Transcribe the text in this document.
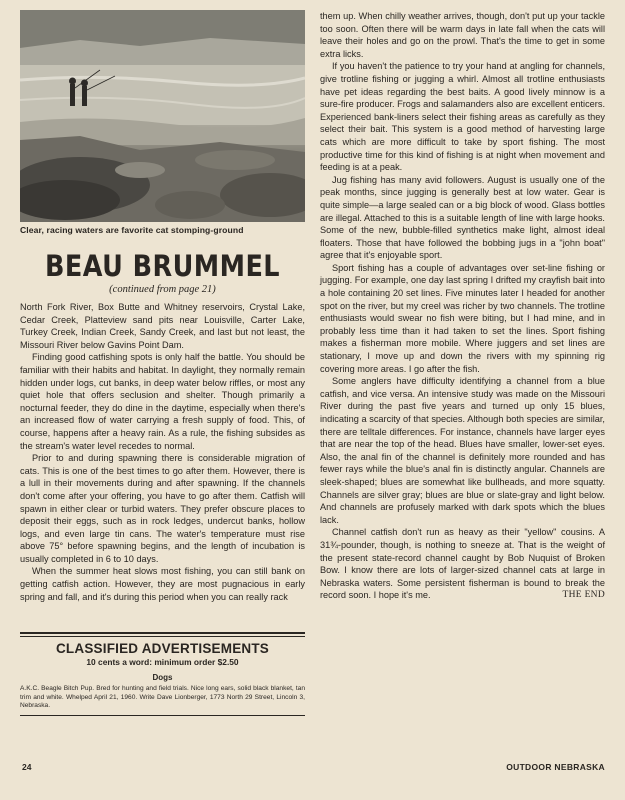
Clear, racing waters are favorite cat stomping-ground
BEAU BRUMMEL
(continued from page 21)

North Fork River, Box Butte and Whitney reservoirs, Crystal Lake, Cedar Creek, Platteview sand pits near Louisville, Carter Lake, Turkey Creek, Indian Creek, Sandy Creek, and last but not least, the Missouri River below Gavins Point Dam.

Finding good catfishing spots is only half the battle. You should be familiar with their habits and habitat. In daylight, they normally remain hidden under logs, cut banks, in deep water below riffles, or most any quiet hole that offers seclusion and shelter. Though primarily a nocturnal feeder, they do dine in the daytime, especially when there's an increased flow of water carrying a fresh supply of food. This, of course, happens after a heavy rain. As a rule, the fishing subsides as the stream's water level recedes to normal.

Prior to and during spawning there is considerable migration of cats. This is one of the best times to go after them. However, there is a lull in their movements during and after spawning. If the channels don't come after your offering, you have to go after them. Catfish will spawn in either clear or turbid waters. They prefer obscure places to deposit their eggs, such as in rock ledges, undercut banks, hollow logs, and even large tin cans. The water's temperature must rise above 75° before spawning begins, and the length of incubation is usually completed in 6 to 10 days.

When the summer heat slows most fishing, you can still bank on getting catfish action. However, they are most pugnacious in early spring and fall, and it's during this period when you can really rack

CLASSIFIED ADVERTISEMENTS
10 cents a word: minimum order $2.50
Dogs
A.K.C. Beagle Bitch Pup. Bred for hunting and field trials. Nice long ears, solid black blanket, tan trim and white. Whelped April 21, 1960. Write Dave Lionberger, 1773 North 29 Street, Lincoln 3, Nebraska.

them up. When chilly weather arrives, though, don't put up your tackle too soon. Often there will be warm days in late fall when the cats will leave their holes and go on the prowl. That's the time to get in some extra licks.

If you haven't the patience to try your hand at angling for channels, give trotline fishing or jugging a whirl. Almost all trotline enthusiasts have pet ideas regarding the best baits. A good lively minnow is a sure-fire producer. Frogs and salamanders also are excellent enticers. Experienced bank-liners select their fishing areas as carefully as they select their bait. This system is a good method of harvesting large cats which are more difficult to take by sport fishing. The most productive time for this kind of fishing is at night when movement and feeding is at a peak.

Jug fishing has many avid followers. August is usually one of the peak months, since jugging is generally best at low water. Gear is quite simple—a large sealed can or a big block of wood. Glass bottles are illegal. Attached to this is a suitable length of line with large hooks. Some of the new, bubble-filled synthetics make light, almost ideal floaters. Those that have followed the bobbing jugs in a "john boat" agree that it's enjoyable sport.

Sport fishing has a couple of advantages over set-line fishing or jugging. For example, one day last spring I drifted my crayfish bait into a hole containing 20 set lines. Five minutes later I headed for another spot on the river, but my creel was richer by two channels. The trotline enthusiasts would swear no fish were biting, but I had mine, and in probably less time than it had taken to set the lines. Sport fishing makes a fisherman more mobile. Where juggers and set lines are stationary, I move up and down the rivers with my spinning rig covering more areas. I go after the fish.

Some anglers have difficulty identifying a channel from a blue catfish, and vice versa. An intensive study was made on the Missouri River during the past five years and turned up only 15 blues, indicating a scarcity of that species. Although both species are similar, there are telltale differences. For instance, channels have larger eyes that are near the top of the head. Blues have smaller, lower-set eyes. Also, the anal fin of the channel is definitely more rounded and has fewer rays while the blue's anal fin is distinctly angular. Channels are sleek-shaped; blues are somewhat like bullheads, and more squatty. Channels are silver gray; blues are blue or slate-gray and light below. And channels are profusely marked with dark spots which the blues lack.

Channel catfish don't run as heavy as their "yellow" cousins. A 31¾-pounder, though, is nothing to sneeze at. That is the weight of the present state-record channel caught by Bob Nuquist of Broken Bow. I know there are lots of larger-sized channel cats at large in Nebraska waters. Some persistent fisherman is bound to break the record soon. I hope it's me.	THE END

24	OUTDOOR NEBRASKA
